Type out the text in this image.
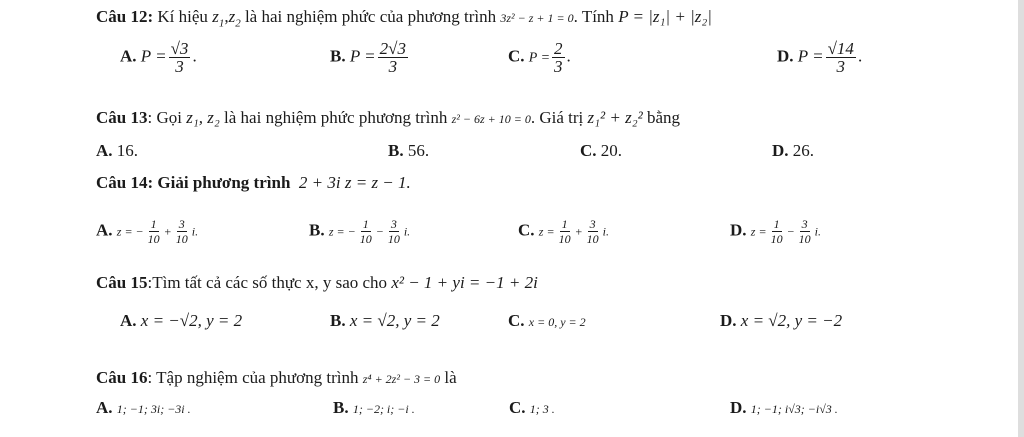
Câu 12: Kí hiệu $z_1,z_2$ là hai nghiệm phức của phương trình 3z² − z + 1 = 0. Tính P = |z₁| + |z₂|
A. $P = \frac{√3}{3}$ .	B. $P = \frac{2√3}{3}$	C. $P = \frac{2}{3}$ .	D. $P = \frac{√14}{3}$ .
Câu 13: Gọi z₁, z₂ là hai nghiệm phức phương trình z² − 6z + 10 = 0. Giá trị z₁² + z₂² bằng
A. 16.	B. 56.	C. 20.	D. 26.
Câu 14: Giải phương trình 2 + 3i z = z − 1.
A. z = − $\frac{1}{10} + \frac{3}{10} i$.	B. z = − $\frac{1}{10} - \frac{3}{10} i$.	C. $z = \frac{1}{10} + \frac{3}{10} i$.	D. $z = \frac{1}{10} - \frac{3}{10} i$.
Câu 15:Tìm tất cả các số thực x, y sao cho x² − 1 + yi = −1 + 2i
A. x = −√2, y = 2	B. x = √2, y = 2	C. x = 0, y = 2	D. x = √2, y = −2
Câu 16: Tập nghiệm của phương trình z⁴ + 2z² − 3 = 0 là
A. 1; −1; 3i; −3i .	B. 1; −2; i; −i .	C. 1; 3 .	D. 1; −1; i√3; −i√3 .
